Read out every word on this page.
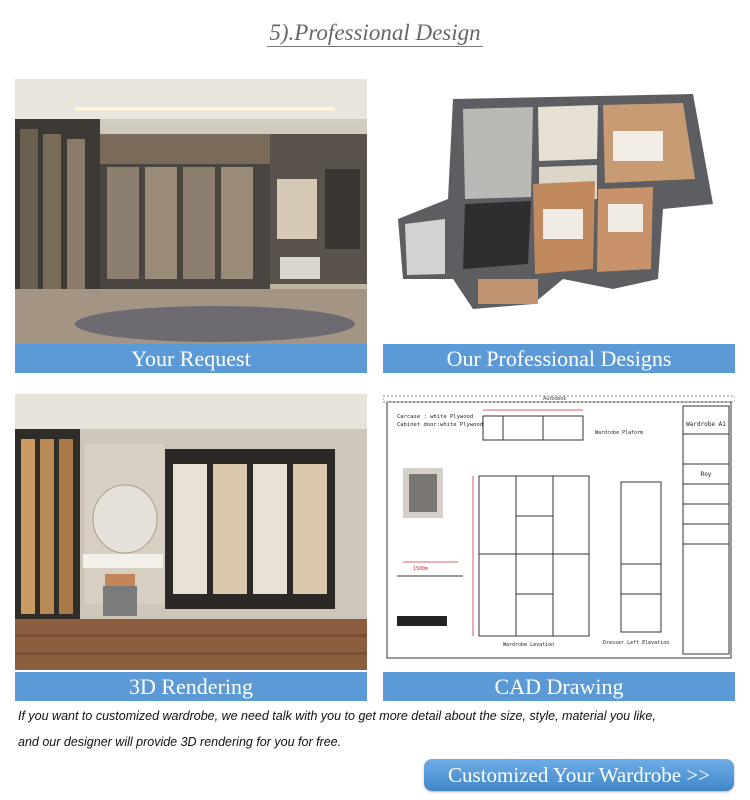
5).Professional Design
Your Request	Our Professional Designs
3D Rendering
Wardrobe A1
Roy
Carcase : white Plywood
Cabinet door:white Plywood
Wardrobe Plaform
Wardrobe Levation	Dresser Left Elevation
1500m
Autodesk
CAD Drawing
If you want to customized wardrobe, we need talk with you to get more detail about the size, style, material you like,
and our designer will provide 3D rendering for you for free.
Customized Your Wardrobe >>
